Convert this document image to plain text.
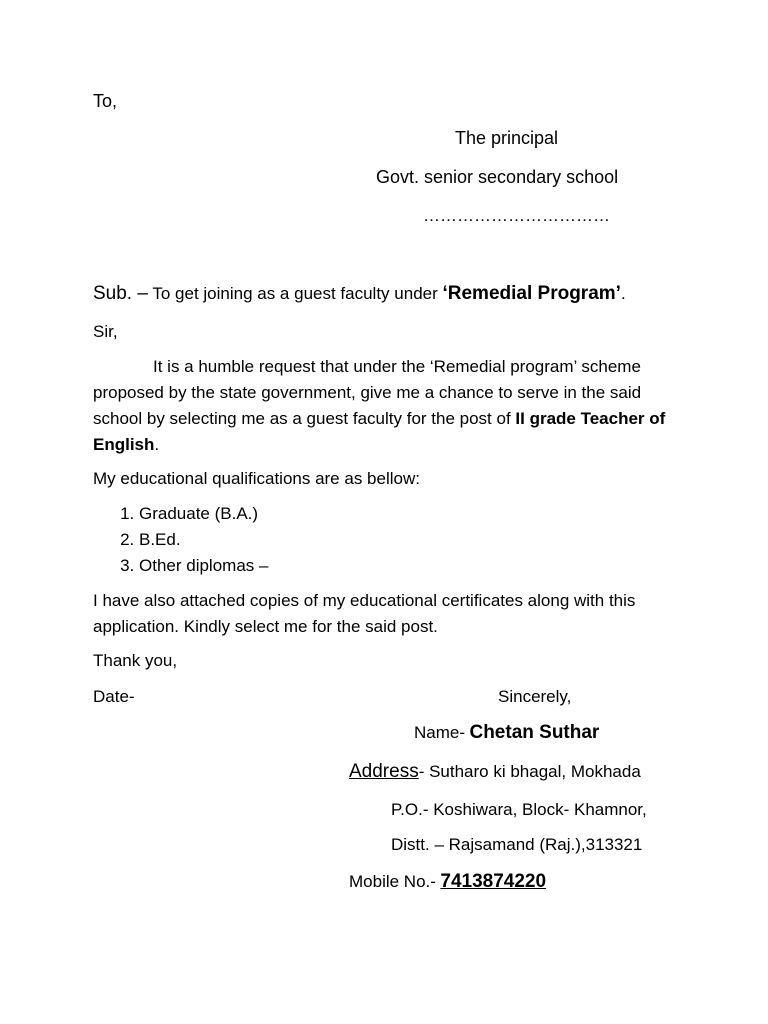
To,
The principal
Govt. senior secondary school
……………………………
Sub. – To get joining as a guest faculty under ‘Remedial Program’.
Sir,
It is a humble request that under the ‘Remedial program’ scheme proposed by the state government, give me a chance to serve in the said school by selecting me as a guest faculty for the post of II grade Teacher of English.
My educational qualifications are as bellow:
1. Graduate (B.A.)
2. B.Ed.
3. Other diplomas –
I have also attached copies of my educational certificates along with this application. Kindly select me for the said post.
Thank you,
Date-	Sincerely,
Name- Chetan Suthar
Address- Sutharo ki bhagal, Mokhada
P.O.- Koshiwara, Block- Khamnor,
Distt. – Rajsamand (Raj.),313321
Mobile No.- 7413874220
